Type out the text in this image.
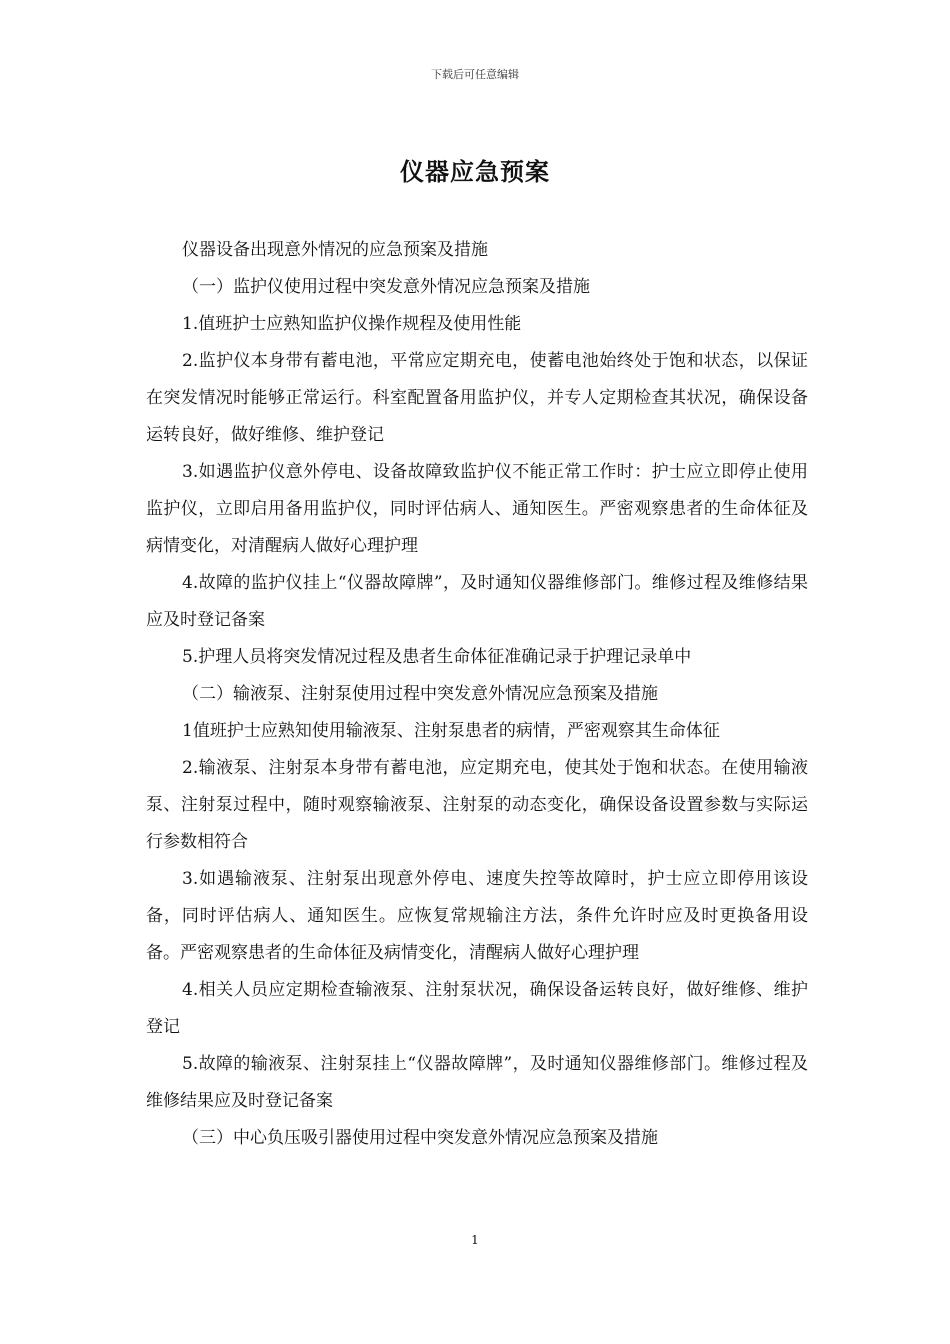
下载后可任意编辑
仪器应急预案

仪器设备出现意外情况的应急预案及措施

（一）监护仪使用过程中突发意外情况应急预案及措施

1.值班护士应熟知监护仪操作规程及使用性能

2.监护仪本身带有蓄电池，平常应定期充电，使蓄电池始终处于饱和状态，以保证在突发情况时能够正常运行。科室配置备用监护仪，并专人定期检查其状况，确保设备运转良好，做好维修、维护登记

3.如遇监护仪意外停电、设备故障致监护仪不能正常工作时：护士应立即停止使用监护仪，立即启用备用监护仪，同时评估病人、通知医生。严密观察患者的生命体征及病情变化，对清醒病人做好心理护理

4.故障的监护仪挂上“仪器故障牌”，及时通知仪器维修部门。维修过程及维修结果应及时登记备案

5.护理人员将突发情况过程及患者生命体征准确记录于护理记录单中

（二）输液泵、注射泵使用过程中突发意外情况应急预案及措施

1值班护士应熟知使用输液泵、注射泵患者的病情，严密观察其生命体征

2.输液泵、注射泵本身带有蓄电池，应定期充电，使其处于饱和状态。在使用输液泵、注射泵过程中，随时观察输液泵、注射泵的动态变化，确保设备设置参数与实际运行参数相符合

3.如遇输液泵、注射泵出现意外停电、速度失控等故障时，护士应立即停用该设备，同时评估病人、通知医生。应恢复常规输注方法，条件允许时应及时更换备用设备。严密观察患者的生命体征及病情变化，清醒病人做好心理护理

4.相关人员应定期检查输液泵、注射泵状况，确保设备运转良好，做好维修、维护登记

5.故障的输液泵、注射泵挂上“仪器故障牌”，及时通知仪器维修部门。维修过程及维修结果应及时登记备案

（三）中心负压吸引器使用过程中突发意外情况应急预案及措施

1
